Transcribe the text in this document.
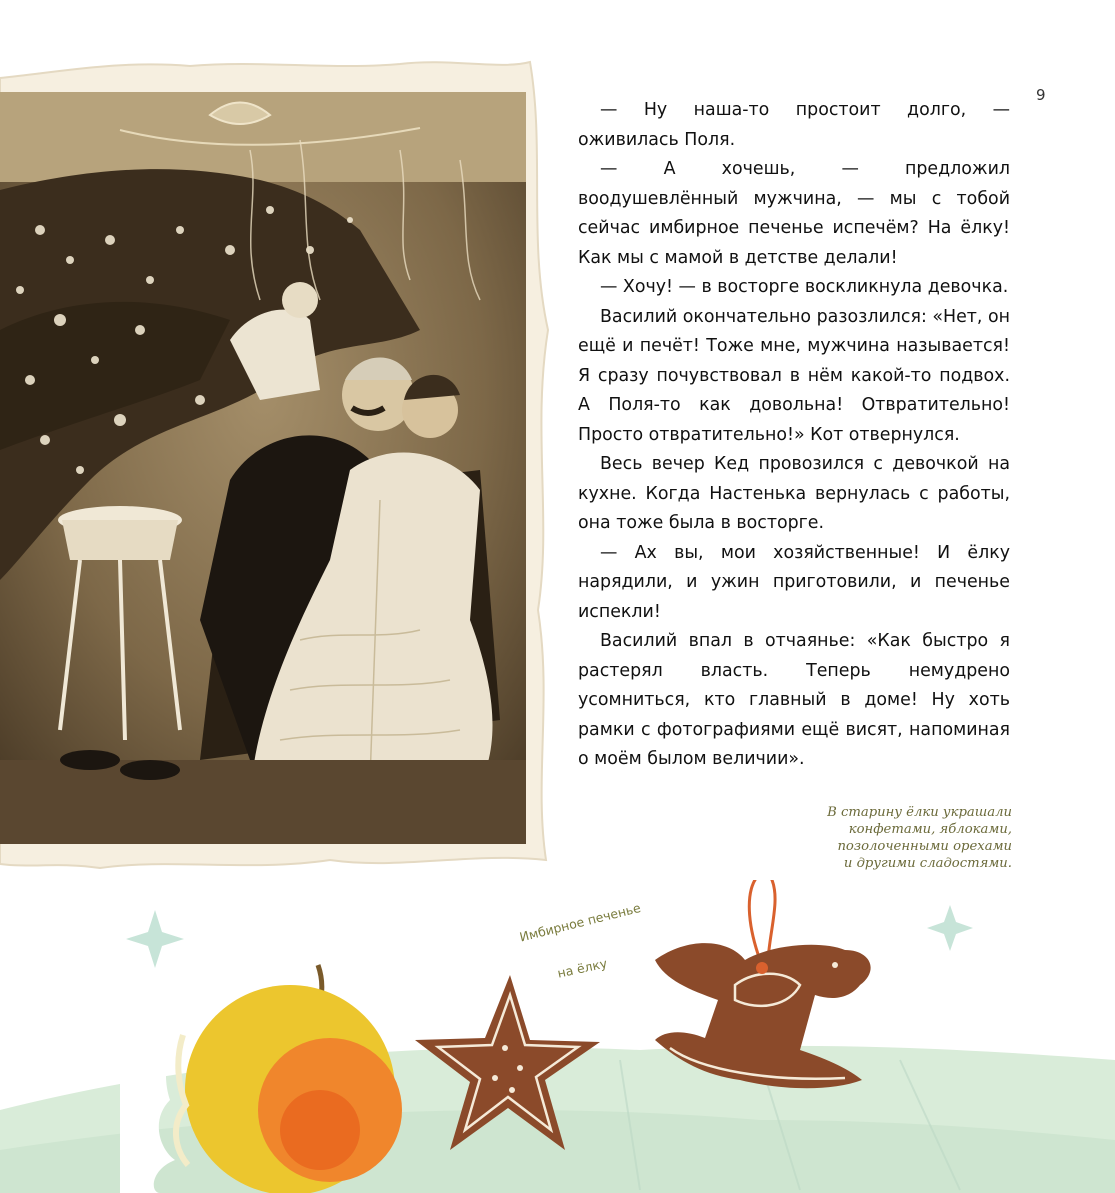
9

— Ну наша-то простоит долго, — оживилась Поля.

— А хочешь, — предложил воодушевлённый мужчина, — мы с тобой сейчас имбирное печенье испечём? На ёлку! Как мы с мамой в детстве делали!

— Хочу! — в восторге воскликнула девочка.

Василий окончательно разозлился: «Нет, он ещё и печёт! Тоже мне, мужчина называется! Я сразу почувствовал в нём какой-то подвох. А Поля-то как довольна! Отвратительно! Просто отвратительно!» Кот отвернулся.

Весь вечер Кед провозился с девочкой на кухне. Когда Настенька вернулась с работы, она тоже была в восторге.

— Ах вы, мои хозяйственные! И ёлку нарядили, и ужин приготовили, и печенье испекли!

Василий впал в отчаянье: «Как быстро я растерял власть. Теперь немудрено усомниться, кто главный в доме! Ну хоть рамки с фотографиями ещё висят, напоминая о моём былом величии».

В старину ёлки украшали
конфетами, яблоками,
позолоченными орехами
и другими сладостями.
Имбирное печенье
на ёлку
